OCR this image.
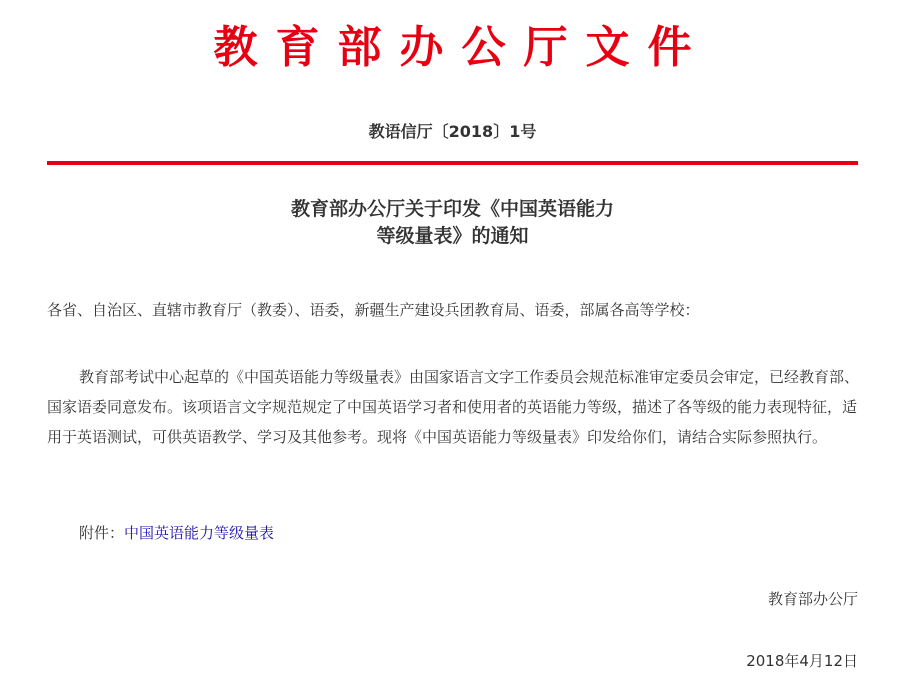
教育部办公厅文件
教语信厅〔2018〕1号
教育部办公厅关于印发《中国英语能力
等级量表》的通知
各省、自治区、直辖市教育厅（教委）、语委，新疆生产建设兵团教育局、语委，部属各高等学校：
教育部考试中心起草的《中国英语能力等级量表》由国家语言文字工作委员会规范标准审定委员会审定，已经教育部、国家语委同意发布。该项语言文字规范规定了中国英语学习者和使用者的英语能力等级，描述了各等级的能力表现特征，适用于英语测试，可供英语教学、学习及其他参考。现将《中国英语能力等级量表》印发给你们，请结合实际参照执行。
附件：中国英语能力等级量表
教育部办公厅
2018年4月12日
